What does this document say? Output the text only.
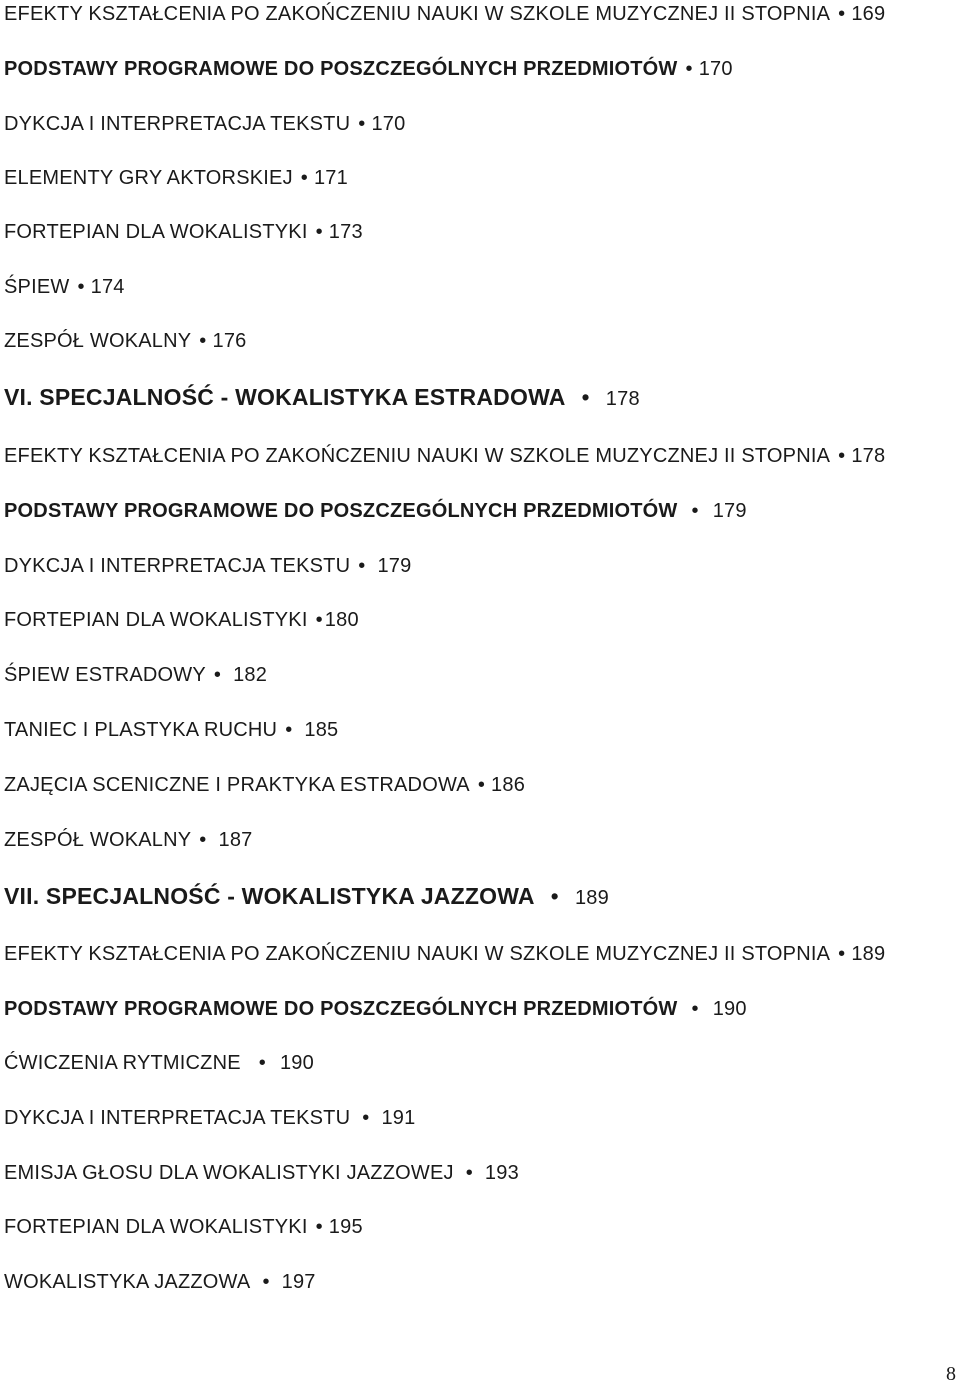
EFEKTY KSZTAŁCENIA PO ZAKOŃCZENIU NAUKI W SZKOLE MUZYCZNEJ II STOPNIA • 169
PODSTAWY PROGRAMOWE DO POSZCZEGÓLNYCH PRZEDMIOTÓW • 170
DYKCJA I INTERPRETACJA TEKSTU • 170
ELEMENTY GRY AKTORSKIEJ • 171
FORTEPIAN DLA WOKALISTYKI • 173
ŚPIEW • 174
ZESPÓŁ WOKALNY • 176
VI. SPECJALNOŚĆ - WOKALISTYKA ESTRADOWA • 178
EFEKTY KSZTAŁCENIA PO ZAKOŃCZENIU NAUKI W SZKOLE MUZYCZNEJ II STOPNIA • 178
PODSTAWY PROGRAMOWE DO POSZCZEGÓLNYCH PRZEDMIOTÓW • 179
DYKCJA I INTERPRETACJA TEKSTU • 179
FORTEPIAN DLA WOKALISTYKI • 180
ŚPIEW ESTRADOWY • 182
TANIEC I PLASTYKA RUCHU • 185
ZAJĘCIA SCENICZNE I PRAKTYKA ESTRADOWA • 186
ZESPÓŁ WOKALNY • 187
VII. SPECJALNOŚĆ - WOKALISTYKA JAZZOWA • 189
EFEKTY KSZTAŁCENIA PO ZAKOŃCZENIU NAUKI W SZKOLE MUZYCZNEJ II STOPNIA • 189
PODSTAWY PROGRAMOWE DO POSZCZEGÓLNYCH PRZEDMIOTÓW • 190
ĆWICZENIA RYTMICZNE • 190
DYKCJA I INTERPRETACJA TEKSTU • 191
EMISJA GŁOSU DLA WOKALISTYKI JAZZOWEJ • 193
FORTEPIAN DLA WOKALISTYKI • 195
WOKALISTYKA JAZZOWA • 197
8
